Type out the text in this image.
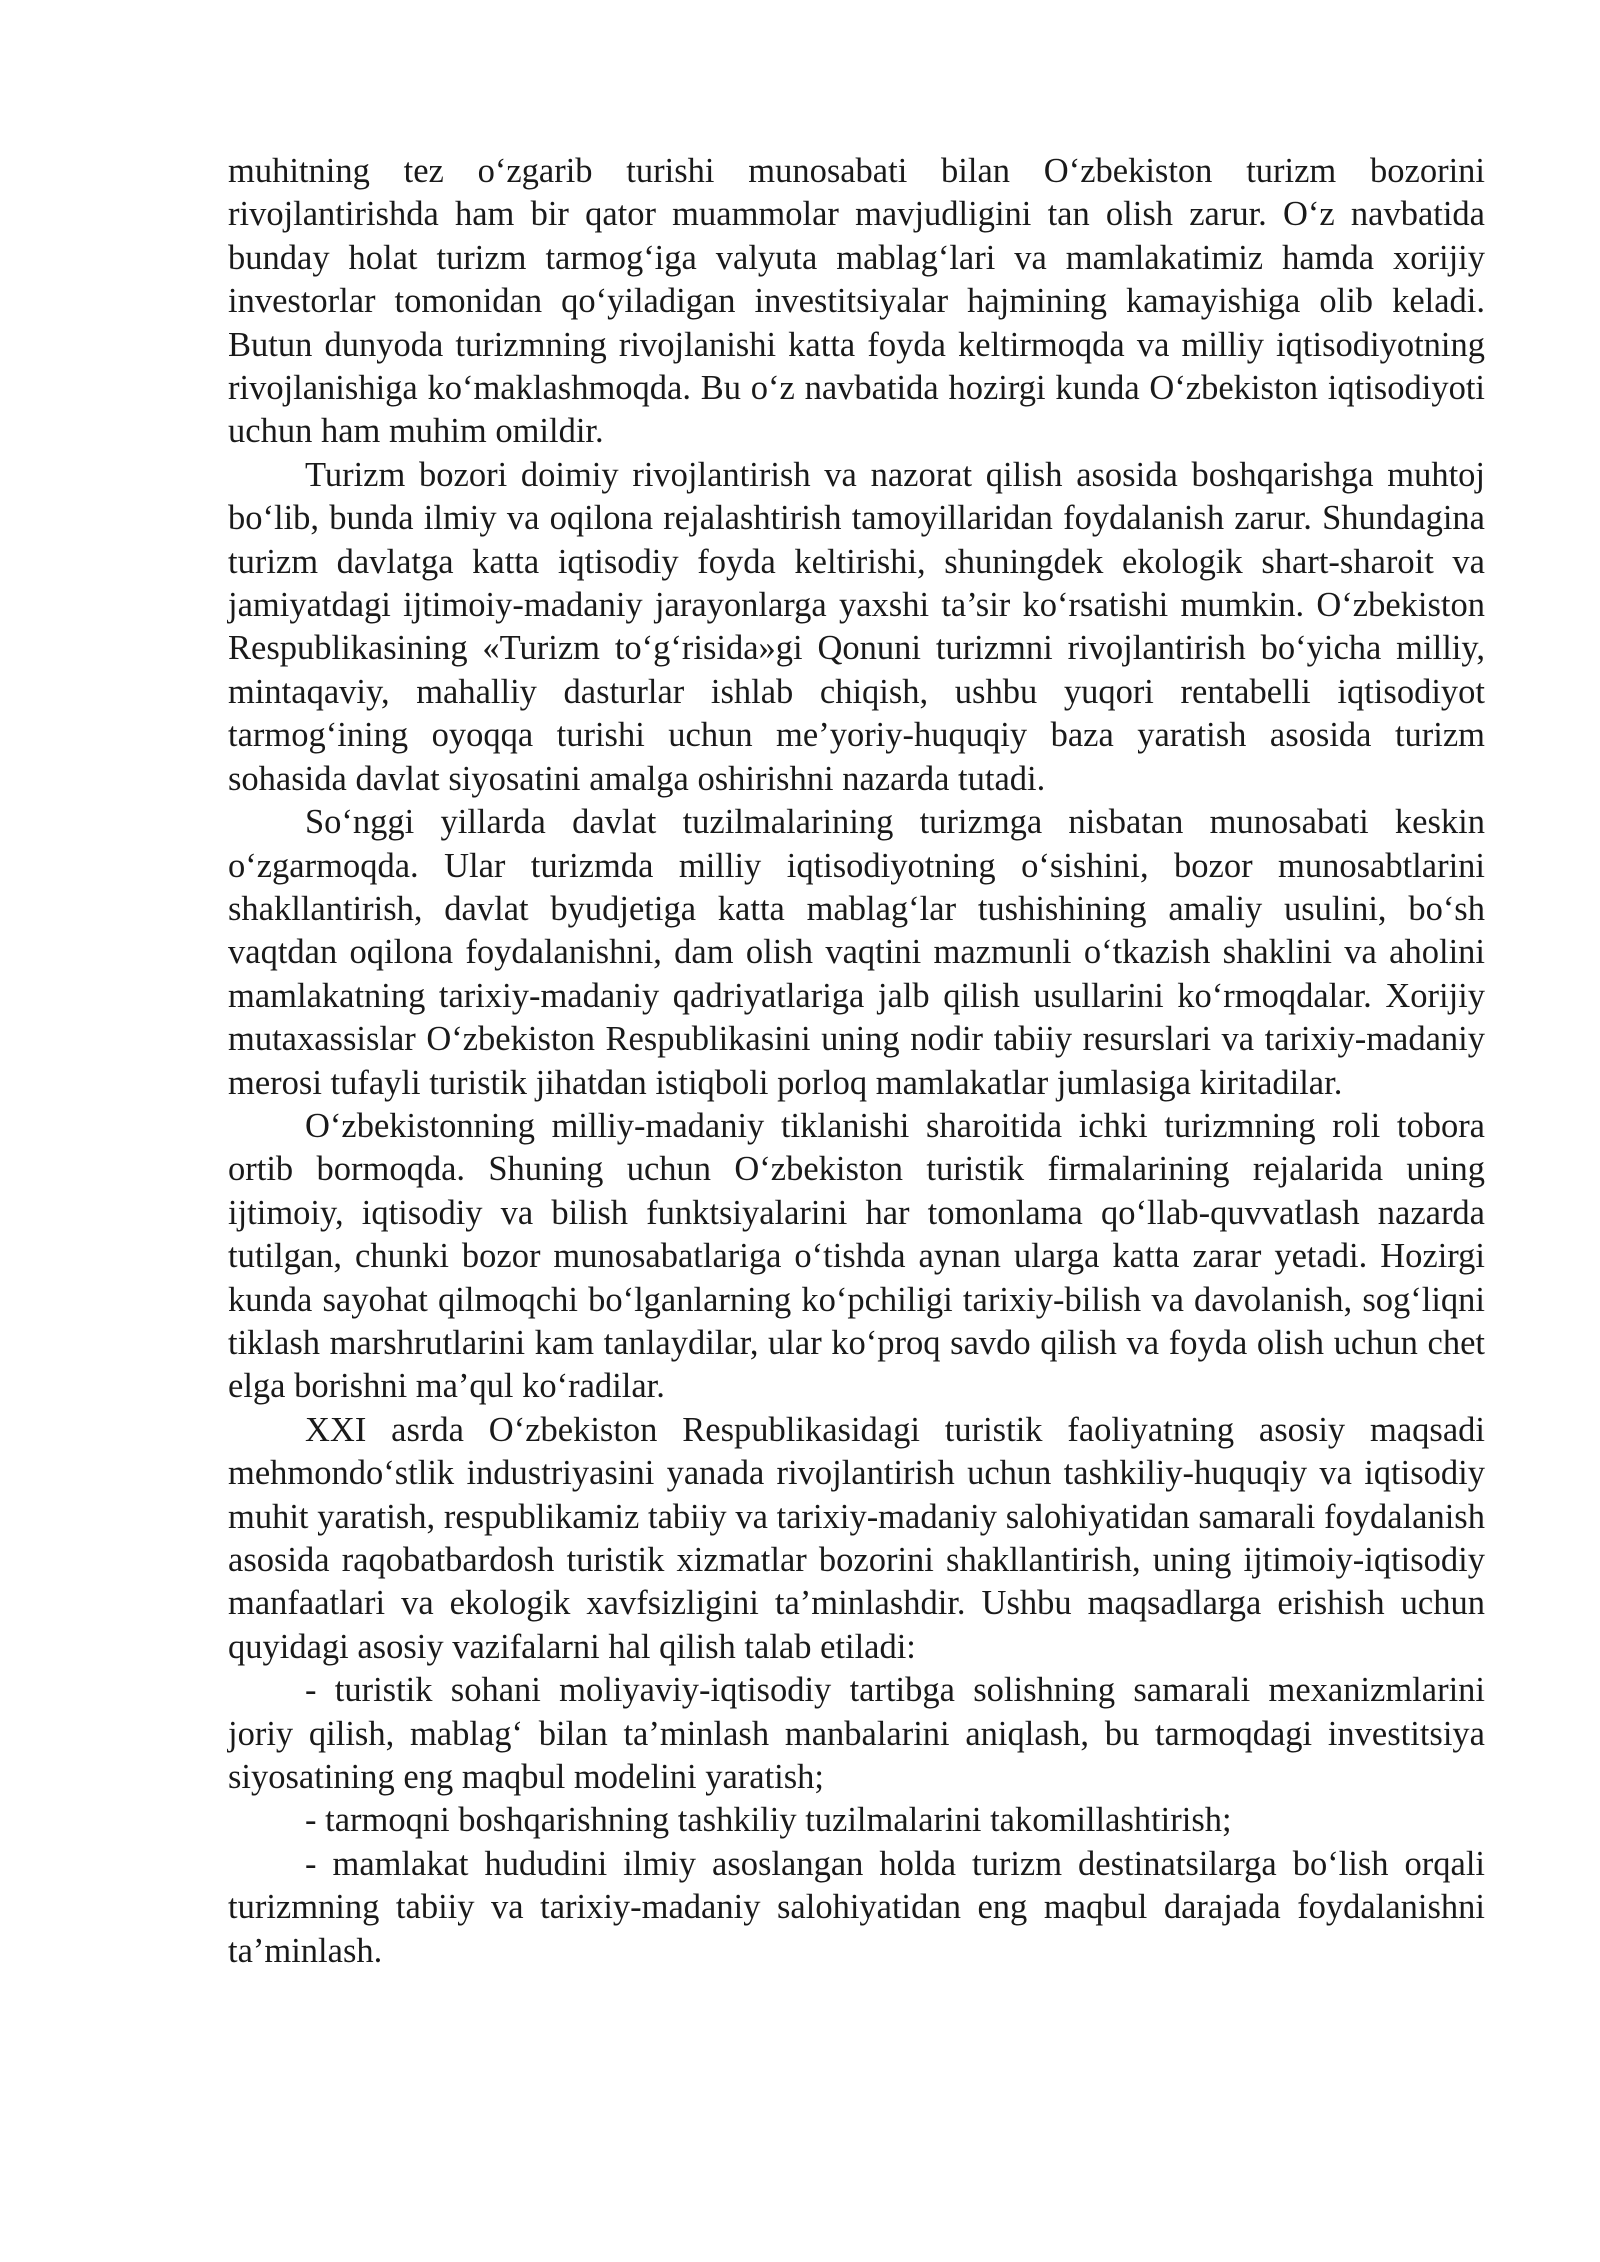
muhitning tez o‘zgarib turishi munosabati bilan O‘zbekiston turizm bozorini rivojlantirishda ham bir qator muammolar mavjudligini tan olish zarur. O‘z navbatida bunday holat turizm tarmog‘iga valyuta mablag‘lari va mamlakatimiz hamda xorijiy investorlar tomonidan qo‘yiladigan investitsiyalar hajmining kamayishiga olib keladi. Butun dunyoda turizmning rivojlanishi katta foyda keltirmoqda va milliy iqtisodiyotning rivojlanishiga ko‘maklashmoqda. Bu o‘z navbatida hozirgi kunda O‘zbekiston iqtisodiyoti uchun ham muhim omildir.

Turizm bozori doimiy rivojlantirish va nazorat qilish asosida boshqarishga muhtoj bo‘lib, bunda ilmiy va oqilona rejalashtirish tamoyillaridan foydalanish zarur. Shundagina turizm davlatga katta iqtisodiy foyda keltirishi, shuningdek ekologik shart-sharoit va jamiyatdagi ijtimoiy-madaniy jarayonlarga yaxshi ta’sir ko‘rsatishi mumkin. O‘zbekiston Respublikasining «Turizm to‘g‘risida»gi Qonuni turizmni rivojlantirish bo‘yicha milliy, mintaqaviy, mahalliy dasturlar ishlab chiqish, ushbu yuqori rentabelli iqtisodiyot tarmog‘ining oyoqqa turishi uchun me’yoriy-huquqiy baza yaratish asosida turizm sohasida davlat siyosatini amalga oshirishni nazarda tutadi.

So‘nggi yillarda davlat tuzilmalarining turizmga nisbatan munosabati keskin o‘zgarmoqda. Ular turizmda milliy iqtisodiyotning o‘sishini, bozor munosabtlarini shakllantirish, davlat byudjetiga katta mablag‘lar tushishining amaliy usulini, bo‘sh vaqtdan oqilona foydalanishni, dam olish vaqtini mazmunli o‘tkazish shaklini va aholini mamlakatning tarixiy-madaniy qadriyatlariga jalb qilish usullarini ko‘rmoqdalar. Xorijiy mutaxassislar O‘zbekiston Respublikasini uning nodir tabiiy resurslari va tarixiy-madaniy merosi tufayli turistik jihatdan istiqboli porloq mamlakatlar jumlasiga kiritadilar.

O‘zbekistonning milliy-madaniy tiklanishi sharoitida ichki turizmning roli tobora ortib bormoqda. Shuning uchun O‘zbekiston turistik firmalarining rejalarida uning ijtimoiy, iqtisodiy va bilish funktsiyalarini har tomonlama qo‘llab-quvvatlash nazarda tutilgan, chunki bozor munosabatlariga o‘tishda aynan ularga katta zarar yetadi. Hozirgi kunda sayohat qilmoqchi bo‘lganlarning ko‘pchiligi tarixiy-bilish va davolanish, sog‘liqni tiklash marshrutlarini kam tanlaydilar, ular ko‘proq savdo qilish va foyda olish uchun chet elga borishni ma’qul ko‘radilar.

XXI asrda O‘zbekiston Respublikasidagi turistik faoliyatning asosiy maqsadi mehmondo‘stlik industriyasini yanada rivojlantirish uchun tashkiliy-huquqiy va iqtisodiy muhit yaratish, respublikamiz tabiiy va tarixiy-madaniy salohiyatidan samarali foydalanish asosida raqobatbardosh turistik xizmatlar bozorini shakllantirish, uning ijtimoiy-iqtisodiy manfaatlari va ekologik xavfsizligini ta’minlashdir. Ushbu maqsadlarga erishish uchun quyidagi asosiy vazifalarni hal qilish talab etiladi:

- turistik sohani moliyaviy-iqtisodiy tartibga solishning samarali mexanizmlarini joriy qilish, mablag‘ bilan ta’minlash manbalarini aniqlash, bu tarmoqdagi investitsiya siyosatining eng maqbul modelini yaratish;

- tarmoqni boshqarishning tashkiliy tuzilmalarini takomillashtirish;

- mamlakat hududini ilmiy asoslangan holda turizm destinatsilarga bo‘lish orqali turizmning tabiiy va tarixiy-madaniy salohiyatidan eng maqbul darajada foydalanishni ta’minlash.
